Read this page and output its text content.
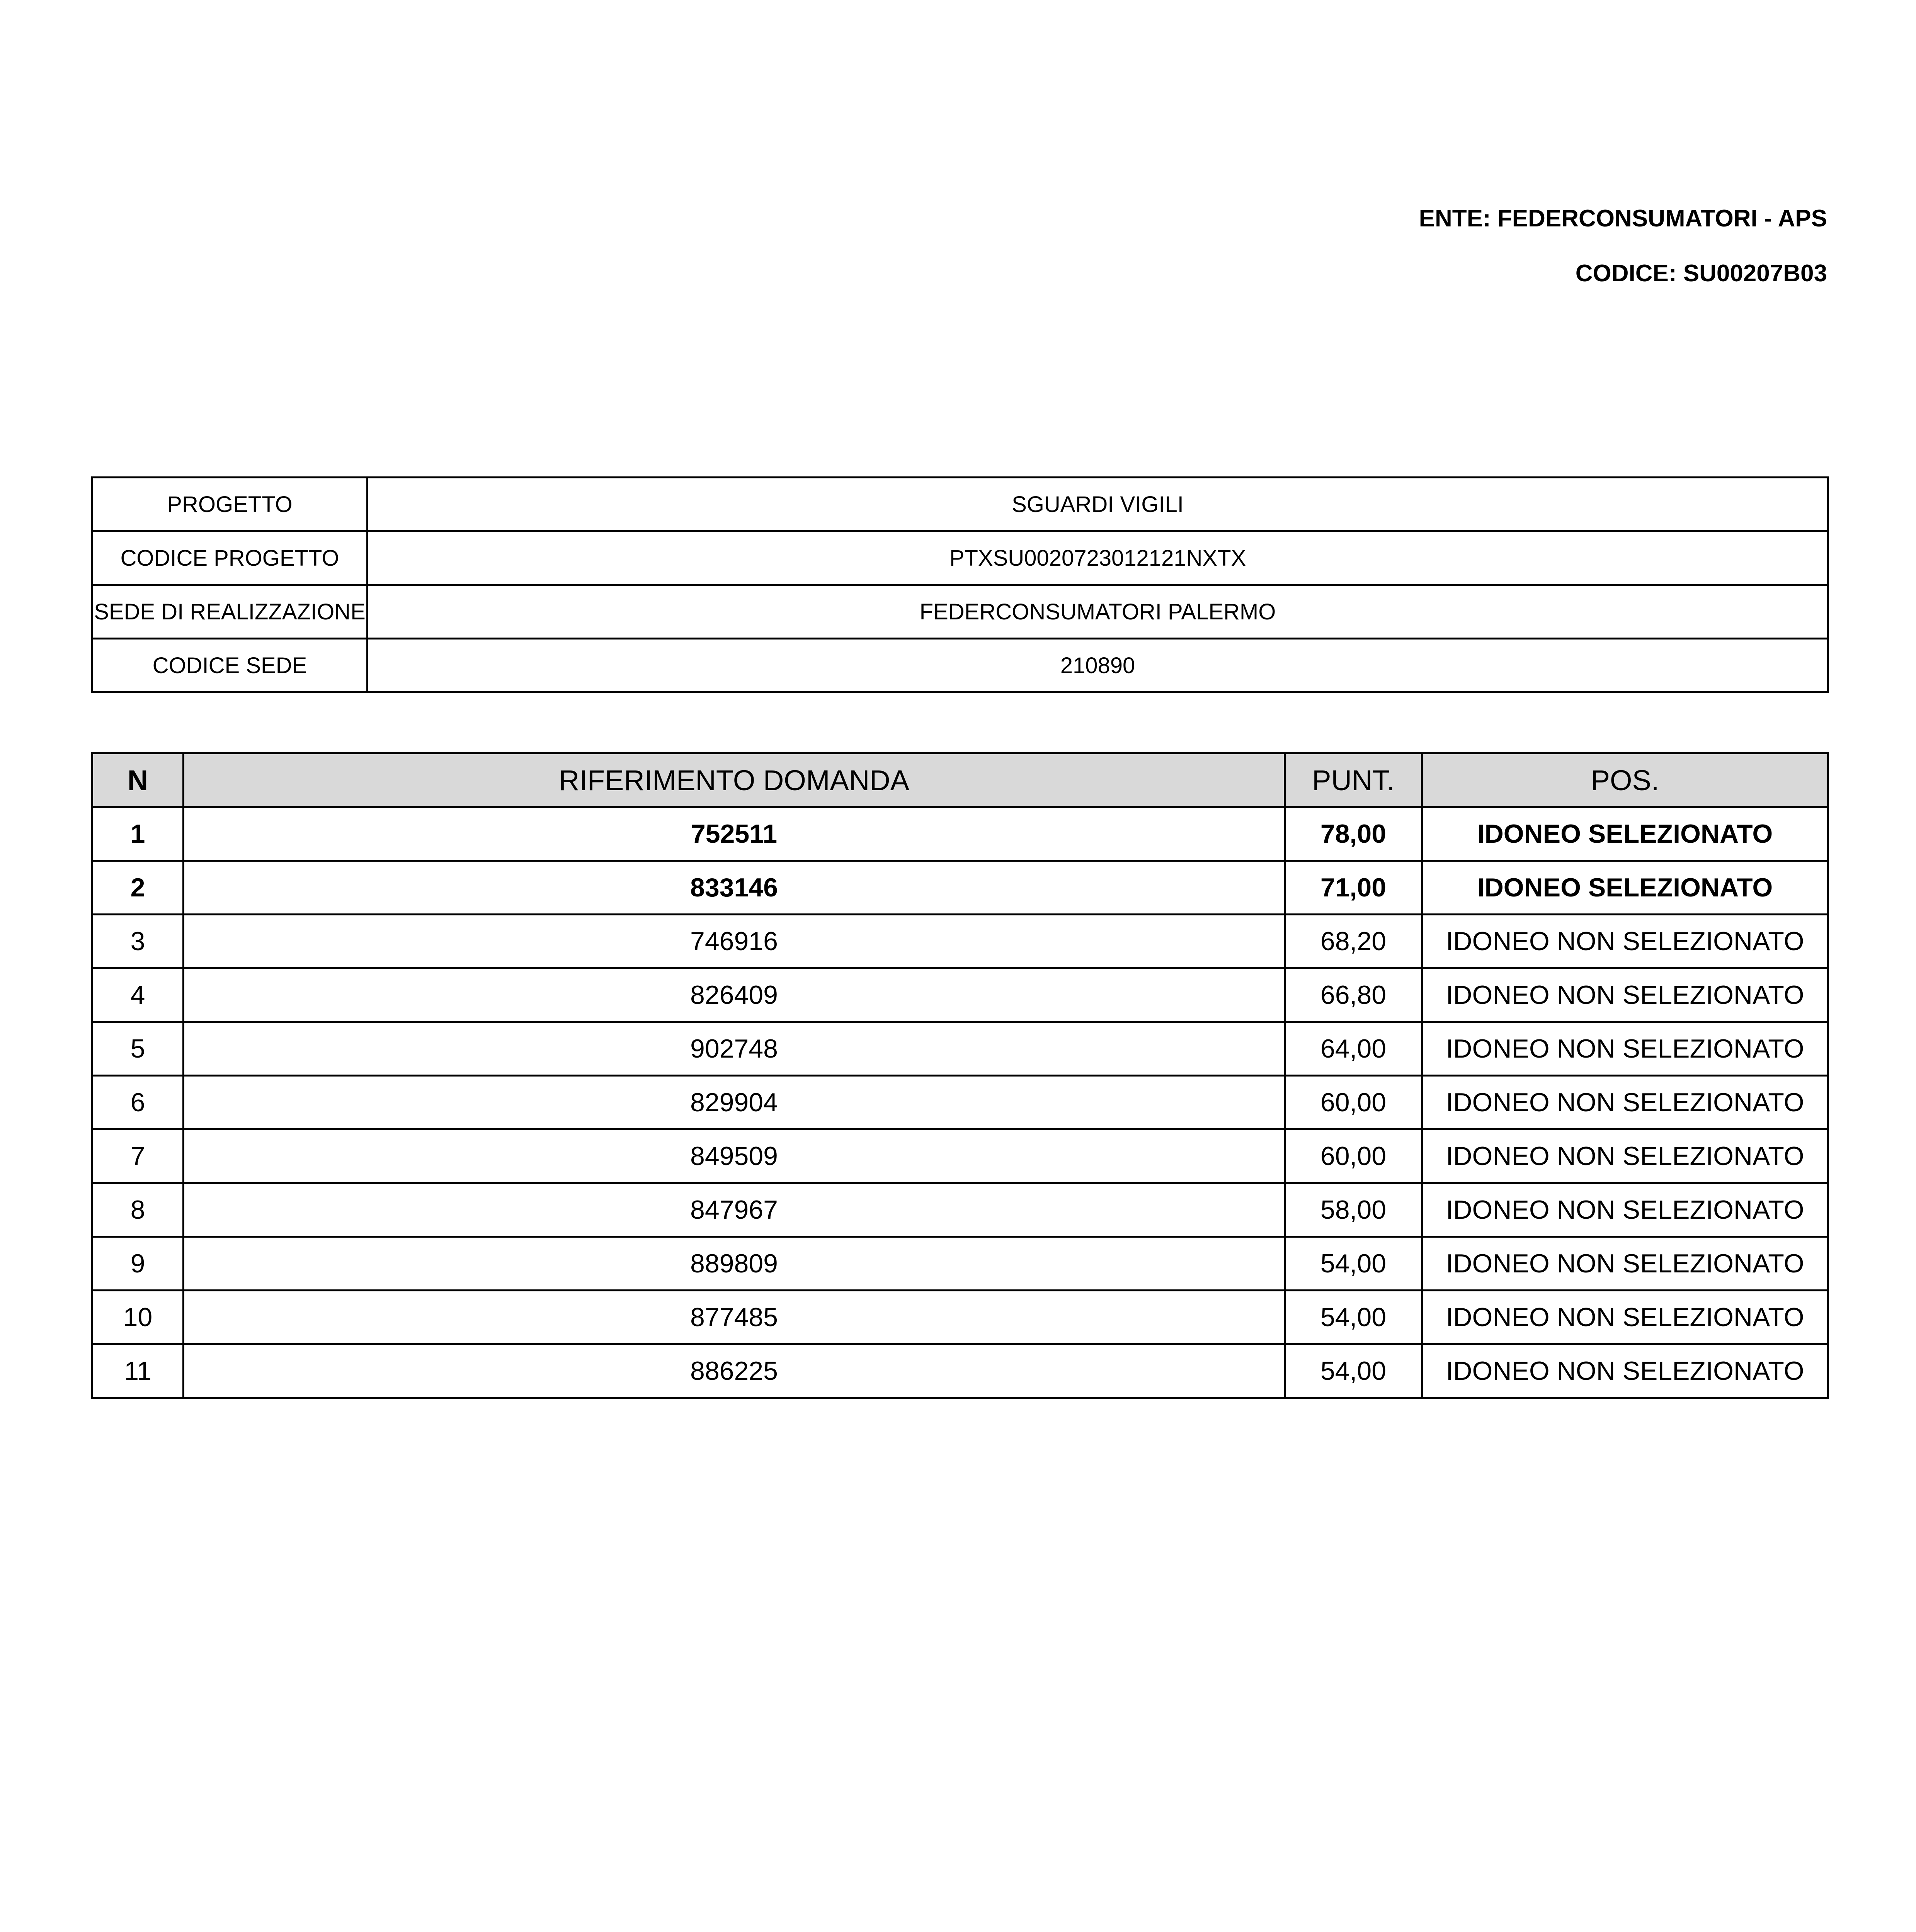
ENTE: FEDERCONSUMATORI - APS
CODICE: SU00207B03
PROGETTO	SGUARDI VIGILI
CODICE PROGETTO	PTXSU0020723012121NXTX
SEDE DI REALIZZAZIONE	FEDERCONSUMATORI PALERMO
CODICE SEDE	210890
N	RIFERIMENTO DOMANDA	PUNT.	POS.
1	752511	78,00	IDONEO SELEZIONATO
2	833146	71,00	IDONEO SELEZIONATO
3	746916	68,20	IDONEO NON SELEZIONATO
4	826409	66,80	IDONEO NON SELEZIONATO
5	902748	64,00	IDONEO NON SELEZIONATO
6	829904	60,00	IDONEO NON SELEZIONATO
7	849509	60,00	IDONEO NON SELEZIONATO
8	847967	58,00	IDONEO NON SELEZIONATO
9	889809	54,00	IDONEO NON SELEZIONATO
10	877485	54,00	IDONEO NON SELEZIONATO
11	886225	54,00	IDONEO NON SELEZIONATO
